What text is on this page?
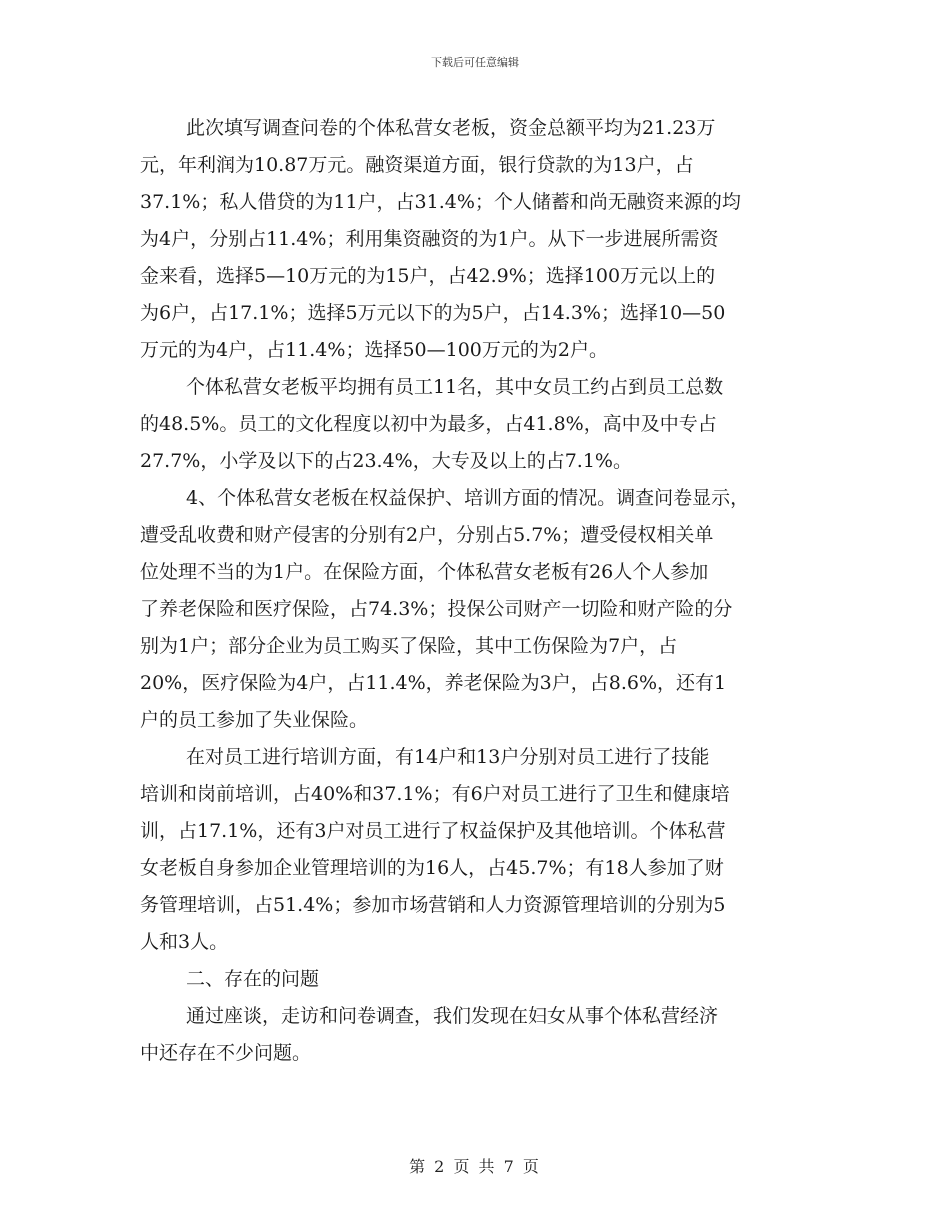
下载后可任意编辑
此次填写调查问卷的个体私营女老板，资金总额平均为21.23万
元，年利润为10.87万元。融资渠道方面，银行贷款的为13户，占
37.1%；私人借贷的为11户，占31.4%；个人储蓄和尚无融资来源的均
为4户，分别占11.4%；利用集资融资的为1户。从下一步进展所需资
金来看，选择5—10万元的为15户，占42.9%；选择100万元以上的
为6户，占17.1%；选择5万元以下的为5户，占14.3%；选择10—50
万元的为4户，占11.4%；选择50—100万元的为2户。
个体私营女老板平均拥有员工11名，其中女员工约占到员工总数
的48.5%。员工的文化程度以初中为最多，占41.8%，高中及中专占
27.7%，小学及以下的占23.4%，大专及以上的占7.1%。
4、个体私营女老板在权益保护、培训方面的情况。调查问卷显示，
遭受乱收费和财产侵害的分别有2户，分别占5.7%；遭受侵权相关单
位处理不当的为1户。在保险方面，个体私营女老板有26人个人参加
了养老保险和医疗保险，占74.3%；投保公司财产一切险和财产险的分
别为1户；部分企业为员工购买了保险，其中工伤保险为7户，占
20%，医疗保险为4户，占11.4%，养老保险为3户，占8.6%，还有1
户的员工参加了失业保险。
在对员工进行培训方面，有14户和13户分别对员工进行了技能
培训和岗前培训，占40%和37.1%；有6户对员工进行了卫生和健康培
训，占17.1%，还有3户对员工进行了权益保护及其他培训。个体私营
女老板自身参加企业管理培训的为16人，占45.7%；有18人参加了财
务管理培训，占51.4%；参加市场营销和人力资源管理培训的分别为5
人和3人。
二、存在的问题
通过座谈，走访和问卷调查，我们发现在妇女从事个体私营经济
中还存在不少问题。
第 2 页 共 7 页
